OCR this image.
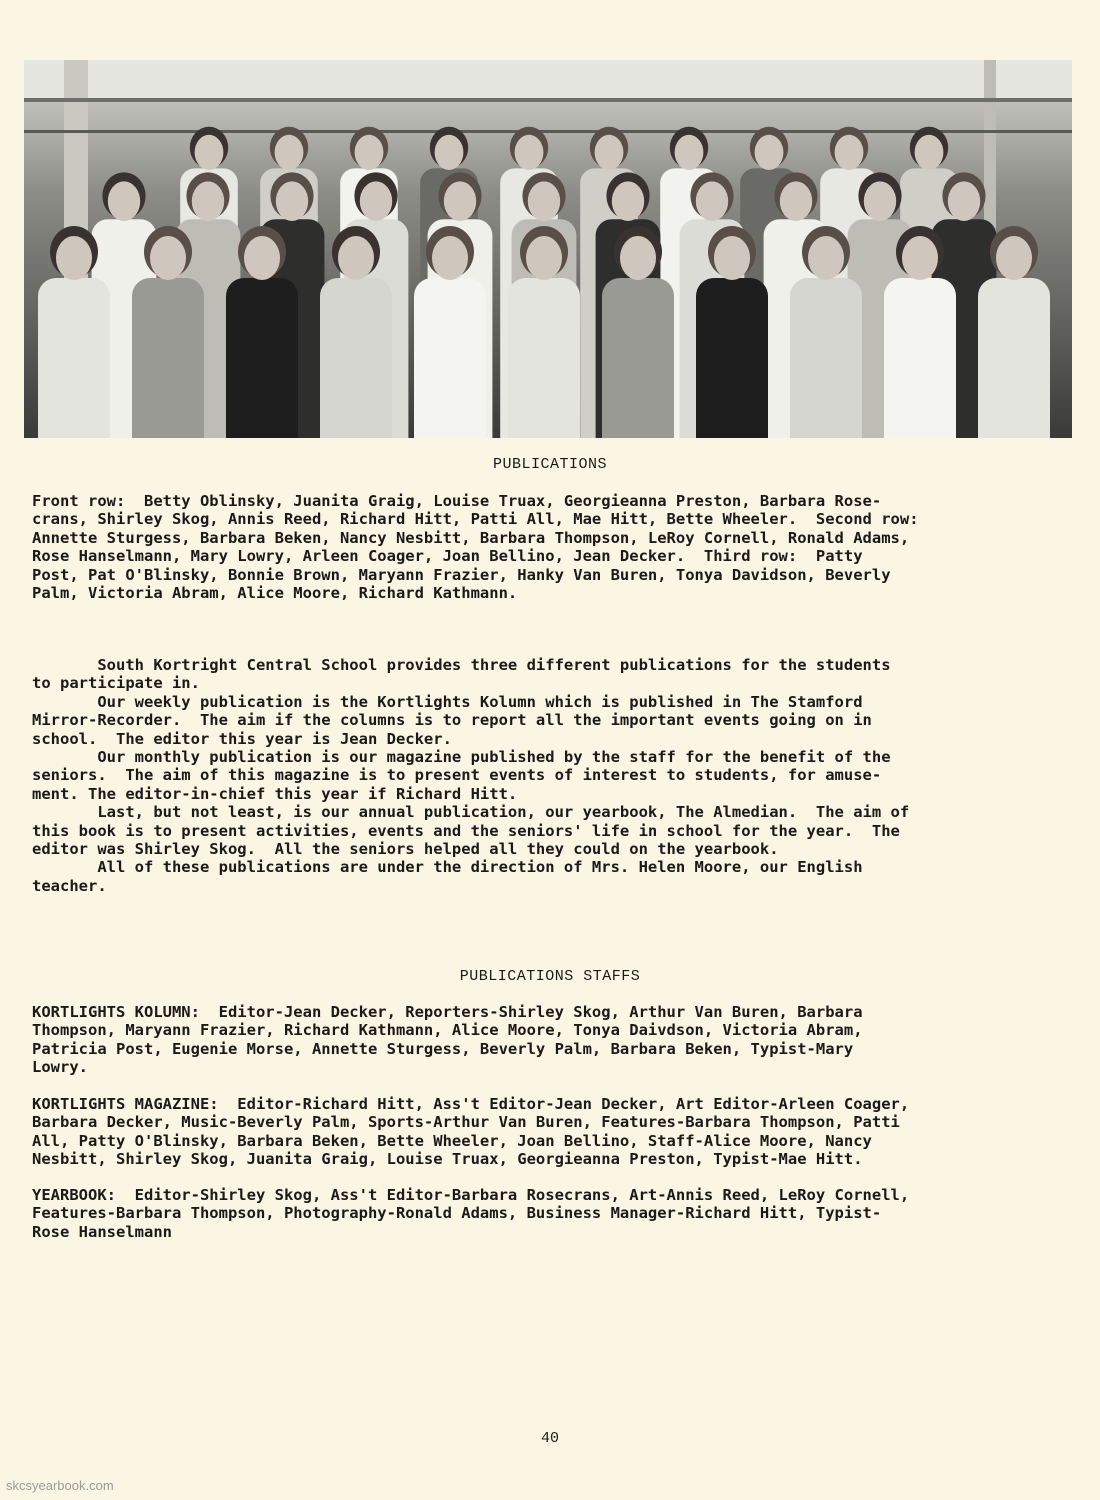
PUBLICATIONS
Front row:  Betty Oblinsky, Juanita Graig, Louise Truax, Georgieanna Preston, Barbara Rose-
crans, Shirley Skog, Annis Reed, Richard Hitt, Patti All, Mae Hitt, Bette Wheeler.  Second row:
Annette Sturgess, Barbara Beken, Nancy Nesbitt, Barbara Thompson, LeRoy Cornell, Ronald Adams,
Rose Hanselmann, Mary Lowry, Arleen Coager, Joan Bellino, Jean Decker.  Third row:  Patty
Post, Pat O'Blinsky, Bonnie Brown, Maryann Frazier, Hanky Van Buren, Tonya Davidson, Beverly
Palm, Victoria Abram, Alice Moore, Richard Kathmann.
South Kortright Central School provides three different publications for the students
to participate in.
Our weekly publication is the Kortlights Kolumn which is published in The Stamford
Mirror-Recorder.  The aim if the columns is to report all the important events going on in
school.  The editor this year is Jean Decker.
Our monthly publication is our magazine published by the staff for the benefit of the
seniors.  The aim of this magazine is to present events of interest to students, for amuse-
ment. The editor-in-chief this year if Richard Hitt.
Last, but not least, is our annual publication, our yearbook, The Almedian.  The aim of
this book is to present activities, events and the seniors' life in school for the year.  The
editor was Shirley Skog.  All the seniors helped all they could on the yearbook.
All of these publications are under the direction of Mrs. Helen Moore, our English
teacher.
PUBLICATIONS STAFFS
KORTLIGHTS KOLUMN:  Editor-Jean Decker, Reporters-Shirley Skog, Arthur Van Buren, Barbara
Thompson, Maryann Frazier, Richard Kathmann, Alice Moore, Tonya Daivdson, Victoria Abram,
Patricia Post, Eugenie Morse, Annette Sturgess, Beverly Palm, Barbara Beken, Typist-Mary
Lowry.
KORTLIGHTS MAGAZINE:  Editor-Richard Hitt, Ass't Editor-Jean Decker, Art Editor-Arleen Coager,
Barbara Decker, Music-Beverly Palm, Sports-Arthur Van Buren, Features-Barbara Thompson, Patti
All, Patty O'Blinsky, Barbara Beken, Bette Wheeler, Joan Bellino, Staff-Alice Moore, Nancy
Nesbitt, Shirley Skog, Juanita Graig, Louise Truax, Georgieanna Preston, Typist-Mae Hitt.
YEARBOOK:  Editor-Shirley Skog, Ass't Editor-Barbara Rosecrans, Art-Annis Reed, LeRoy Cornell,
Features-Barbara Thompson, Photography-Ronald Adams, Business Manager-Richard Hitt, Typist-
Rose Hanselmann
40
skcsyearbook.com
